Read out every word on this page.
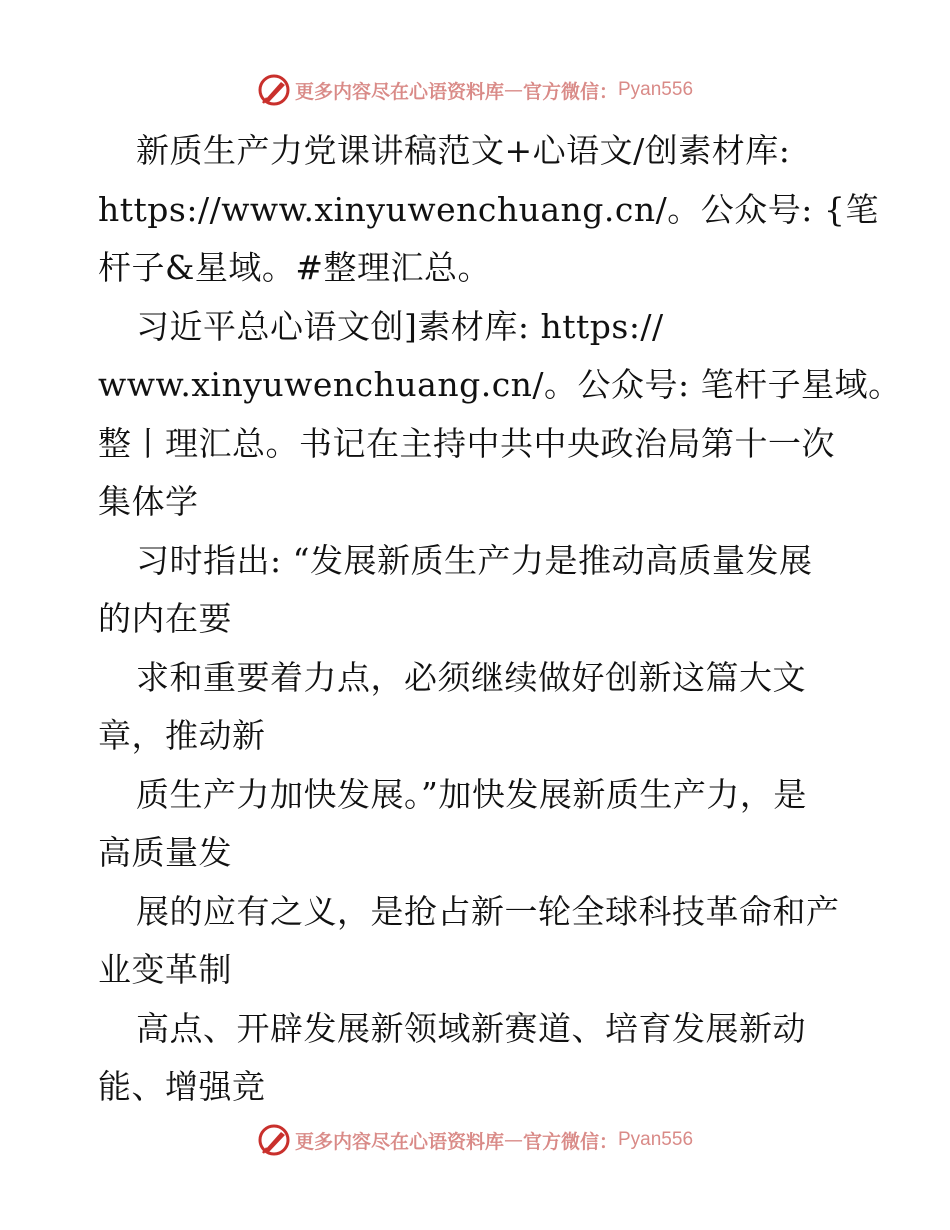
更多内容尽在心语资料库 — 官方微信： Pyan556
新质生产力党课讲稿范文+心语文/创素材库:
https://www.xinyuwenchuang.cn/。公众号: {笔
杆子&星域。#整理汇总。
习近平总心语文创]素材库: https://
www.xinyuwenchuang.cn/。公众号: 笔杆子星域。
整丨理汇总。书记在主持中共中央政治局第十一次
集体学
习时指出: “发展新质生产力是推动高质量发展
的内在要
求和重要着力点，必须继续做好创新这篇大文
章，推动新
质生产力加快发展。”加快发展新质生产力，是
高质量发
展的应有之义，是抢占新一轮全球科技革命和产
业变革制
高点、开辟发展新领域新赛道、培育发展新动
能、增强竞
更多内容尽在心语资料库 — 官方微信： Pyan556
